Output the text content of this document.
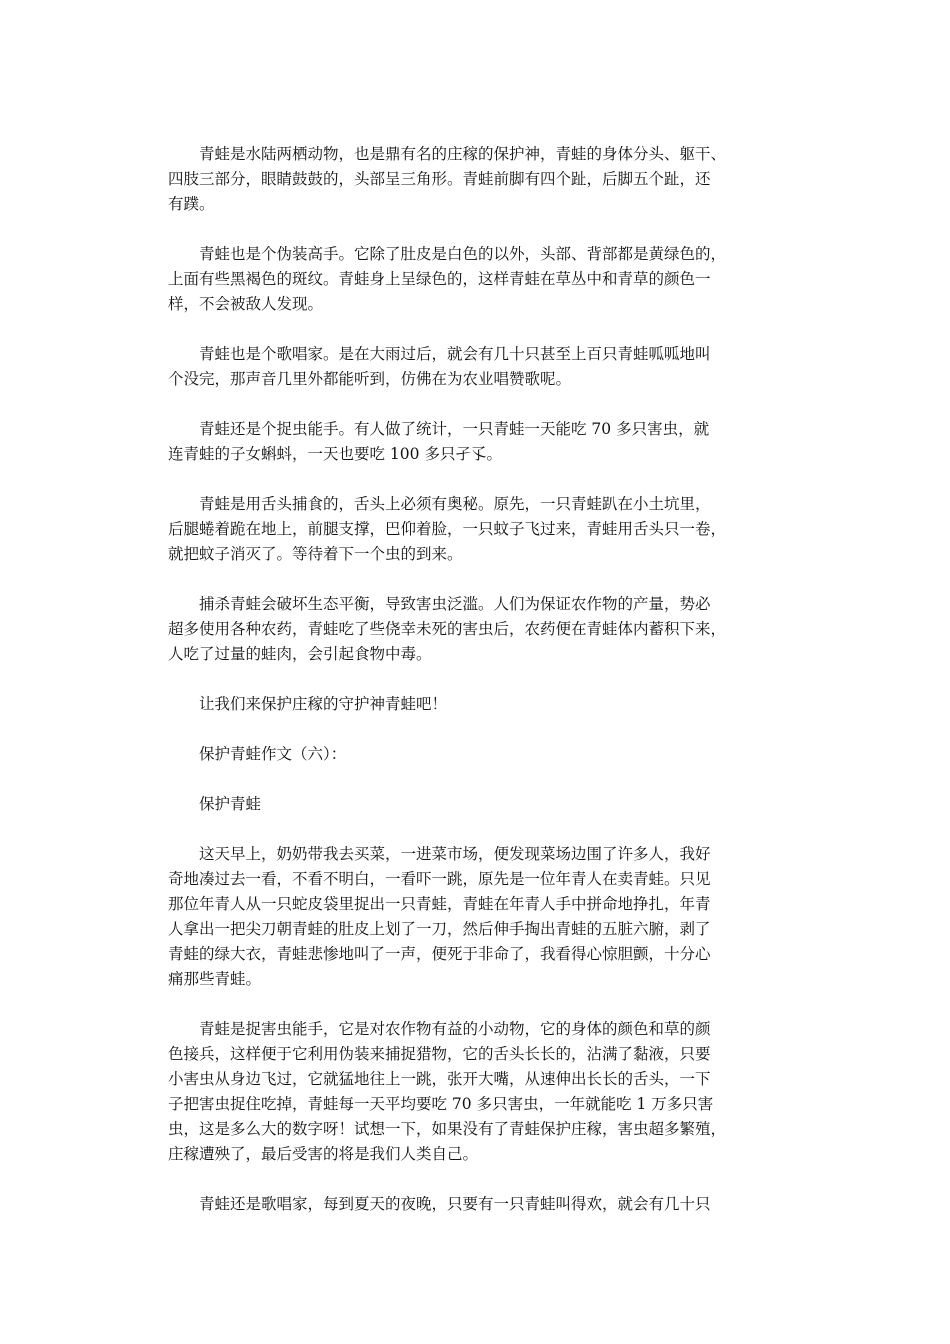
青蛙是水陆两栖动物，也是鼎有名的庄稼的保护神，青蛙的身体分头、躯干、
四肢三部分，眼睛鼓鼓的，头部呈三角形。青蛙前脚有四个趾，后脚五个趾，还
有蹼。
青蛙也是个伪装高手。它除了肚皮是白色的以外，头部、背部都是黄绿色的，
上面有些黑褐色的斑纹。青蛙身上呈绿色的，这样青蛙在草丛中和青草的颜色一
样，不会被敌人发现。
青蛙也是个歌唱家。是在大雨过后，就会有几十只甚至上百只青蛙呱呱地叫
个没完，那声音几里外都能听到，仿佛在为农业唱赞歌呢。
青蛙还是个捉虫能手。有人做了统计，一只青蛙一天能吃 70 多只害虫，就
连青蛙的子女蝌蚪，一天也要吃 100 多只孑孓。
青蛙是用舌头捕食的，舌头上必须有奥秘。原先，一只青蛙趴在小土坑里，
后腿蜷着跪在地上，前腿支撑，巴仰着脸，一只蚊子飞过来，青蛙用舌头只一卷，
就把蚊子消灭了。等待着下一个虫的到来。
捕杀青蛙会破坏生态平衡，导致害虫泛滥。人们为保证农作物的产量，势必
超多使用各种农药，青蛙吃了些侥幸未死的害虫后，农药便在青蛙体内蓄积下来，
人吃了过量的蛙肉，会引起食物中毒。
让我们来保护庄稼的守护神青蛙吧！
保护青蛙作文（六）：
保护青蛙
这天早上，奶奶带我去买菜，一进菜市场，便发现菜场边围了许多人，我好
奇地凑过去一看，不看不明白，一看吓一跳，原先是一位年青人在卖青蛙。只见
那位年青人从一只蛇皮袋里捉出一只青蛙，青蛙在年青人手中拼命地挣扎，年青
人拿出一把尖刀朝青蛙的肚皮上划了一刀，然后伸手掏出青蛙的五脏六腑，剥了
青蛙的绿大衣，青蛙悲惨地叫了一声，便死于非命了，我看得心惊胆颤，十分心
痛那些青蛙。
青蛙是捉害虫能手，它是对农作物有益的小动物，它的身体的颜色和草的颜
色接兵，这样便于它利用伪装来捕捉猎物，它的舌头长长的，沾满了黏液，只要
小害虫从身边飞过，它就猛地往上一跳，张开大嘴，从速伸出长长的舌头，一下
子把害虫捉住吃掉，青蛙每一天平均要吃 70 多只害虫，一年就能吃 1 万多只害
虫，这是多么大的数字呀！试想一下，如果没有了青蛙保护庄稼，害虫超多繁殖，
庄稼遭殃了，最后受害的将是我们人类自己。
青蛙还是歌唱家，每到夏天的夜晚，只要有一只青蛙叫得欢，就会有几十只
